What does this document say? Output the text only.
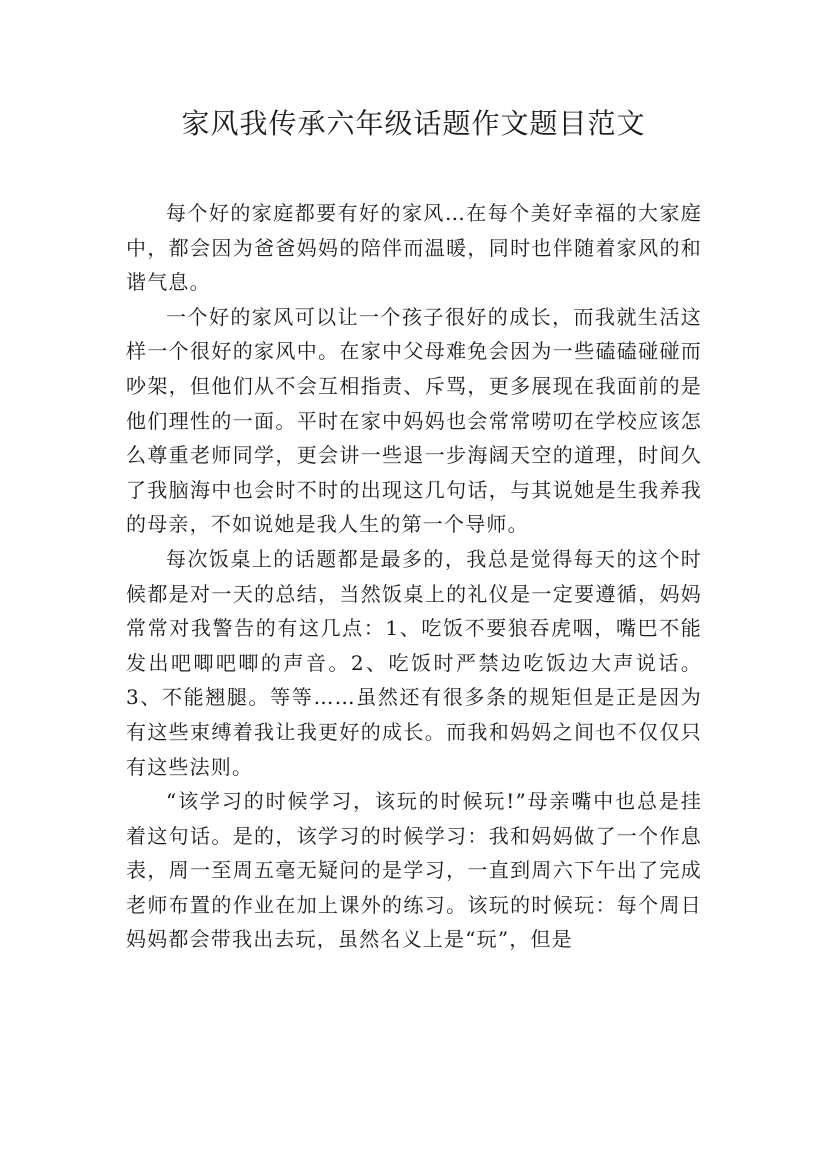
家风我传承六年级话题作文题目范文

每个好的家庭都要有好的家风…在每个美好幸福的大家庭中，都会因为爸爸妈妈的陪伴而温暖，同时也伴随着家风的和谐气息。

一个好的家风可以让一个孩子很好的成长，而我就生活这样一个很好的家风中。在家中父母难免会因为一些磕磕碰碰而吵架，但他们从不会互相指责、斥骂，更多展现在我面前的是他们理性的一面。平时在家中妈妈也会常常唠叨在学校应该怎么尊重老师同学，更会讲一些退一步海阔天空的道理，时间久了我脑海中也会时不时的出现这几句话，与其说她是生我养我的母亲，不如说她是我人生的第一个导师。

每次饭桌上的话题都是最多的，我总是觉得每天的这个时候都是对一天的总结，当然饭桌上的礼仪是一定要遵循，妈妈常常对我警告的有这几点：1、吃饭不要狼吞虎咽，嘴巴不能发出吧唧吧唧的声音。2、吃饭时严禁边吃饭边大声说话。3、不能翘腿。等等……虽然还有很多条的规矩但是正是因为有这些束缚着我让我更好的成长。而我和妈妈之间也不仅仅只有这些法则。

“该学习的时候学习，该玩的时候玩!”母亲嘴中也总是挂着这句话。是的，该学习的时候学习：我和妈妈做了一个作息表，周一至周五毫无疑问的是学习，一直到周六下午出了完成老师布置的作业在加上课外的练习。该玩的时候玩：每个周日妈妈都会带我出去玩，虽然名义上是“玩”，但是
